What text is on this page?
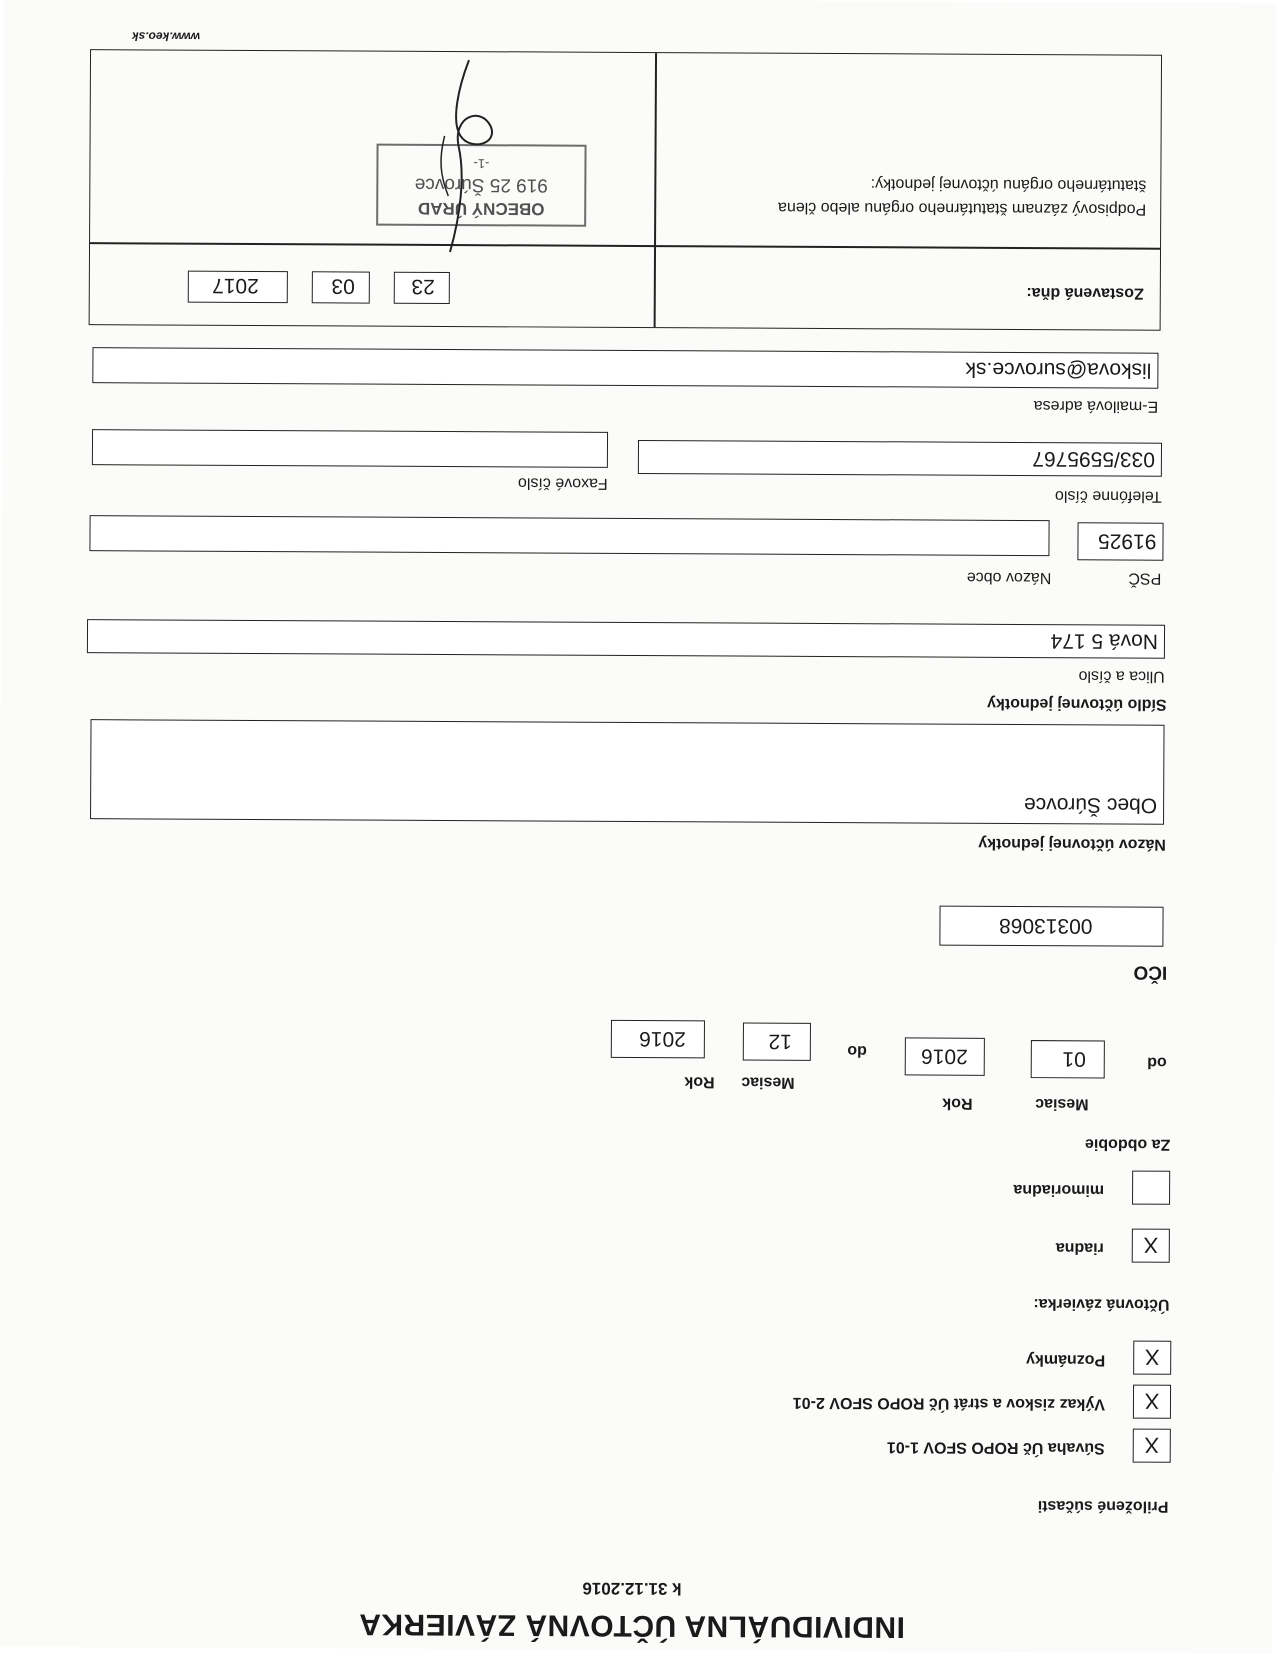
INDIVIDUÁLNA ÚČTOVNÁ ZÁVIERKA
k 31.12.2016
Priložené súčasti
X
Súvaha Úč ROPO SFOV 1-01
X
Výkaz ziskov a strát Úč ROPO SFOV 2-01
X
Poznámky
Účtovná závierka:
X
riadna
mimoriadna
Za obdobie
Mesiac
Rok
Mesiac
Rok
od
01
2016
do
12
2016
IČO
00313068
Názov účtovnej jednotky
Obec Šúrovce
Sídlo účtovnej jednotky
Ulica a číslo
Nová 5 174
PSČ
Názov obce
91925
Telefónne číslo
Faxové číslo
033/5595767
E-mailová adresa
liskova@surovce.sk
Zostavená dňa:
23
03
2017
Podpisový záznam štatutárneho orgánu alebo člena
štatutárneho orgánu účtovnej jednotky:
OBECNÝ ÚRAD
919 25 Šúrovce
-1-
www.keo.sk
